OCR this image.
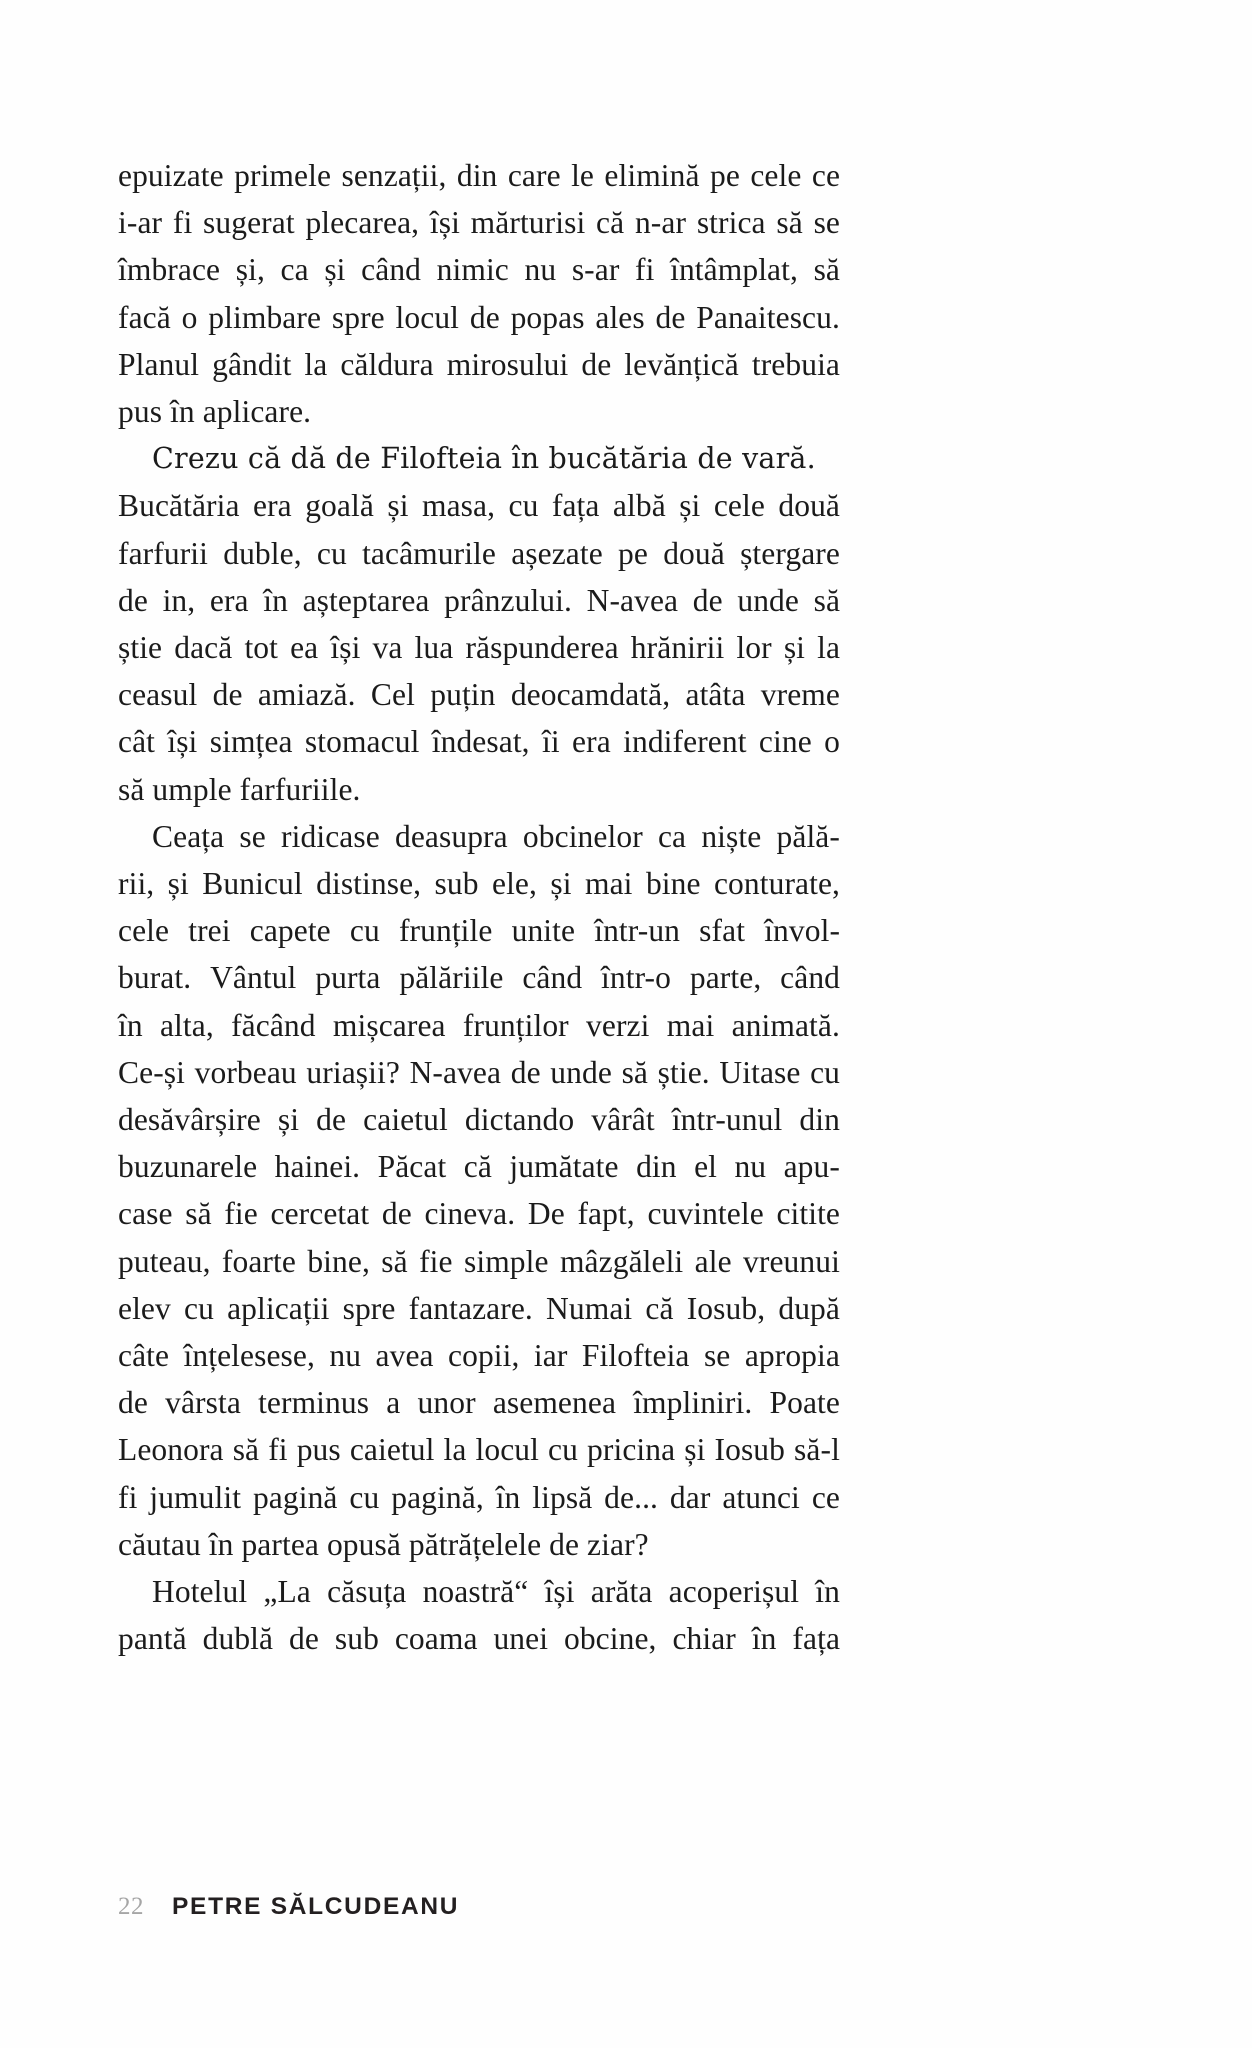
epuizate primele senzații, din care le elimină pe cele ce
i-ar fi sugerat plecarea, își mărturisi că n-ar strica să se
îmbrace și, ca și când nimic nu s-ar fi întâmplat, să
facă o plimbare spre locul de popas ales de Panaitescu.
Planul gândit la căldura mirosului de levănțică trebuia
pus în aplicare.
Crezu că dă de Filofteia în bucătăria de vară.
Bucătăria era goală și masa, cu fața albă și cele două
farfurii duble, cu tacâmurile așezate pe două ștergare
de in, era în așteptarea prânzului. N-avea de unde să
știe dacă tot ea își va lua răspunderea hrănirii lor și la
ceasul de amiază. Cel puțin deocamdată, atâta vreme
cât își simțea stomacul îndesat, îi era indiferent cine o
să umple farfuriile.
Ceața se ridicase deasupra obcinelor ca niște pălă-
rii, și Bunicul distinse, sub ele, și mai bine conturate,
cele trei capete cu frunțile unite într-un sfat învol-
burat. Vântul purta pălăriile când într-o parte, când
în alta, făcând mișcarea frunților verzi mai animată.
Ce-și vorbeau uriașii? N-avea de unde să știe. Uitase cu
desăvârșire și de caietul dictando vârât într-unul din
buzunarele hainei. Păcat că jumătate din el nu apu-
case să fie cercetat de cineva. De fapt, cuvintele citite
puteau, foarte bine, să fie simple mâzgăleli ale vreunui
elev cu aplicații spre fantazare. Numai că Iosub, după
câte înțelesese, nu avea copii, iar Filofteia se apropia
de vârsta terminus a unor asemenea împliniri. Poate
Leonora să fi pus caietul la locul cu pricina și Iosub să-l
fi jumulit pagină cu pagină, în lipsă de... dar atunci ce
căutau în partea opusă pătrățelele de ziar?
Hotelul „La căsuța noastră“ își arăta acoperișul în
pantă dublă de sub coama unei obcine, chiar în fața
22 PETRE SĂLCUDEANU
